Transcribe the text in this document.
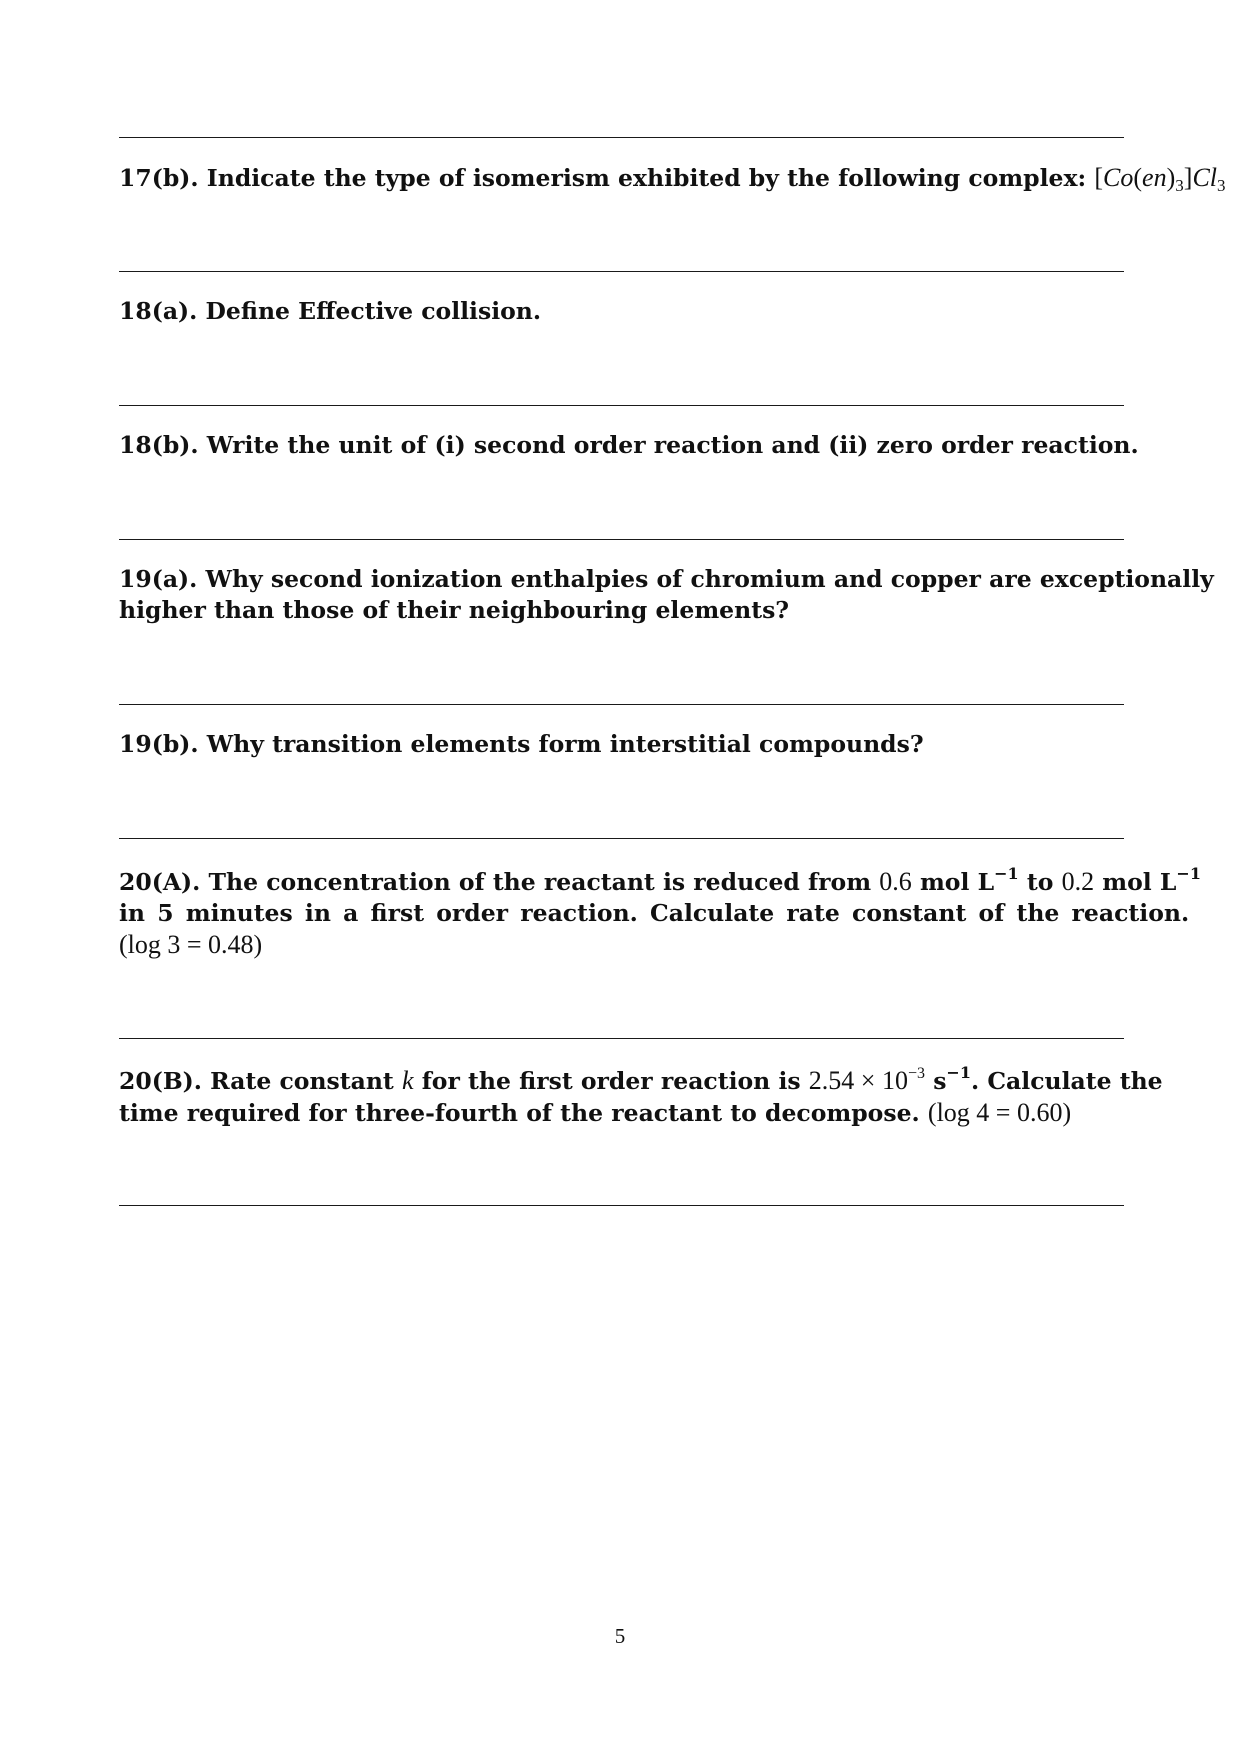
17(b). Indicate the type of isomerism exhibited by the following complex: $[Co(en)_3]Cl_3$
18(a). Define Effective collision.
18(b). Write the unit of (i) second order reaction and (ii) zero order reaction.
19(a). Why second ionization enthalpies of chromium and copper are exceptionally
higher than those of their neighbouring elements?
19(b). Why transition elements form interstitial compounds?
20(A). The concentration of the reactant is reduced from 0.6 mol $L^{-1}$ to 0.2 mol $L^{-1}$
in 5 minutes in a first order reaction. Calculate rate constant of the reaction.
(log 3 = 0.48)
20(B). Rate constant k for the first order reaction is $2.54 \times 10^{-3}$ $s^{-1}$. Calculate the
time required for three-fourth of the reactant to decompose. (log 4 = 0.60)
5
